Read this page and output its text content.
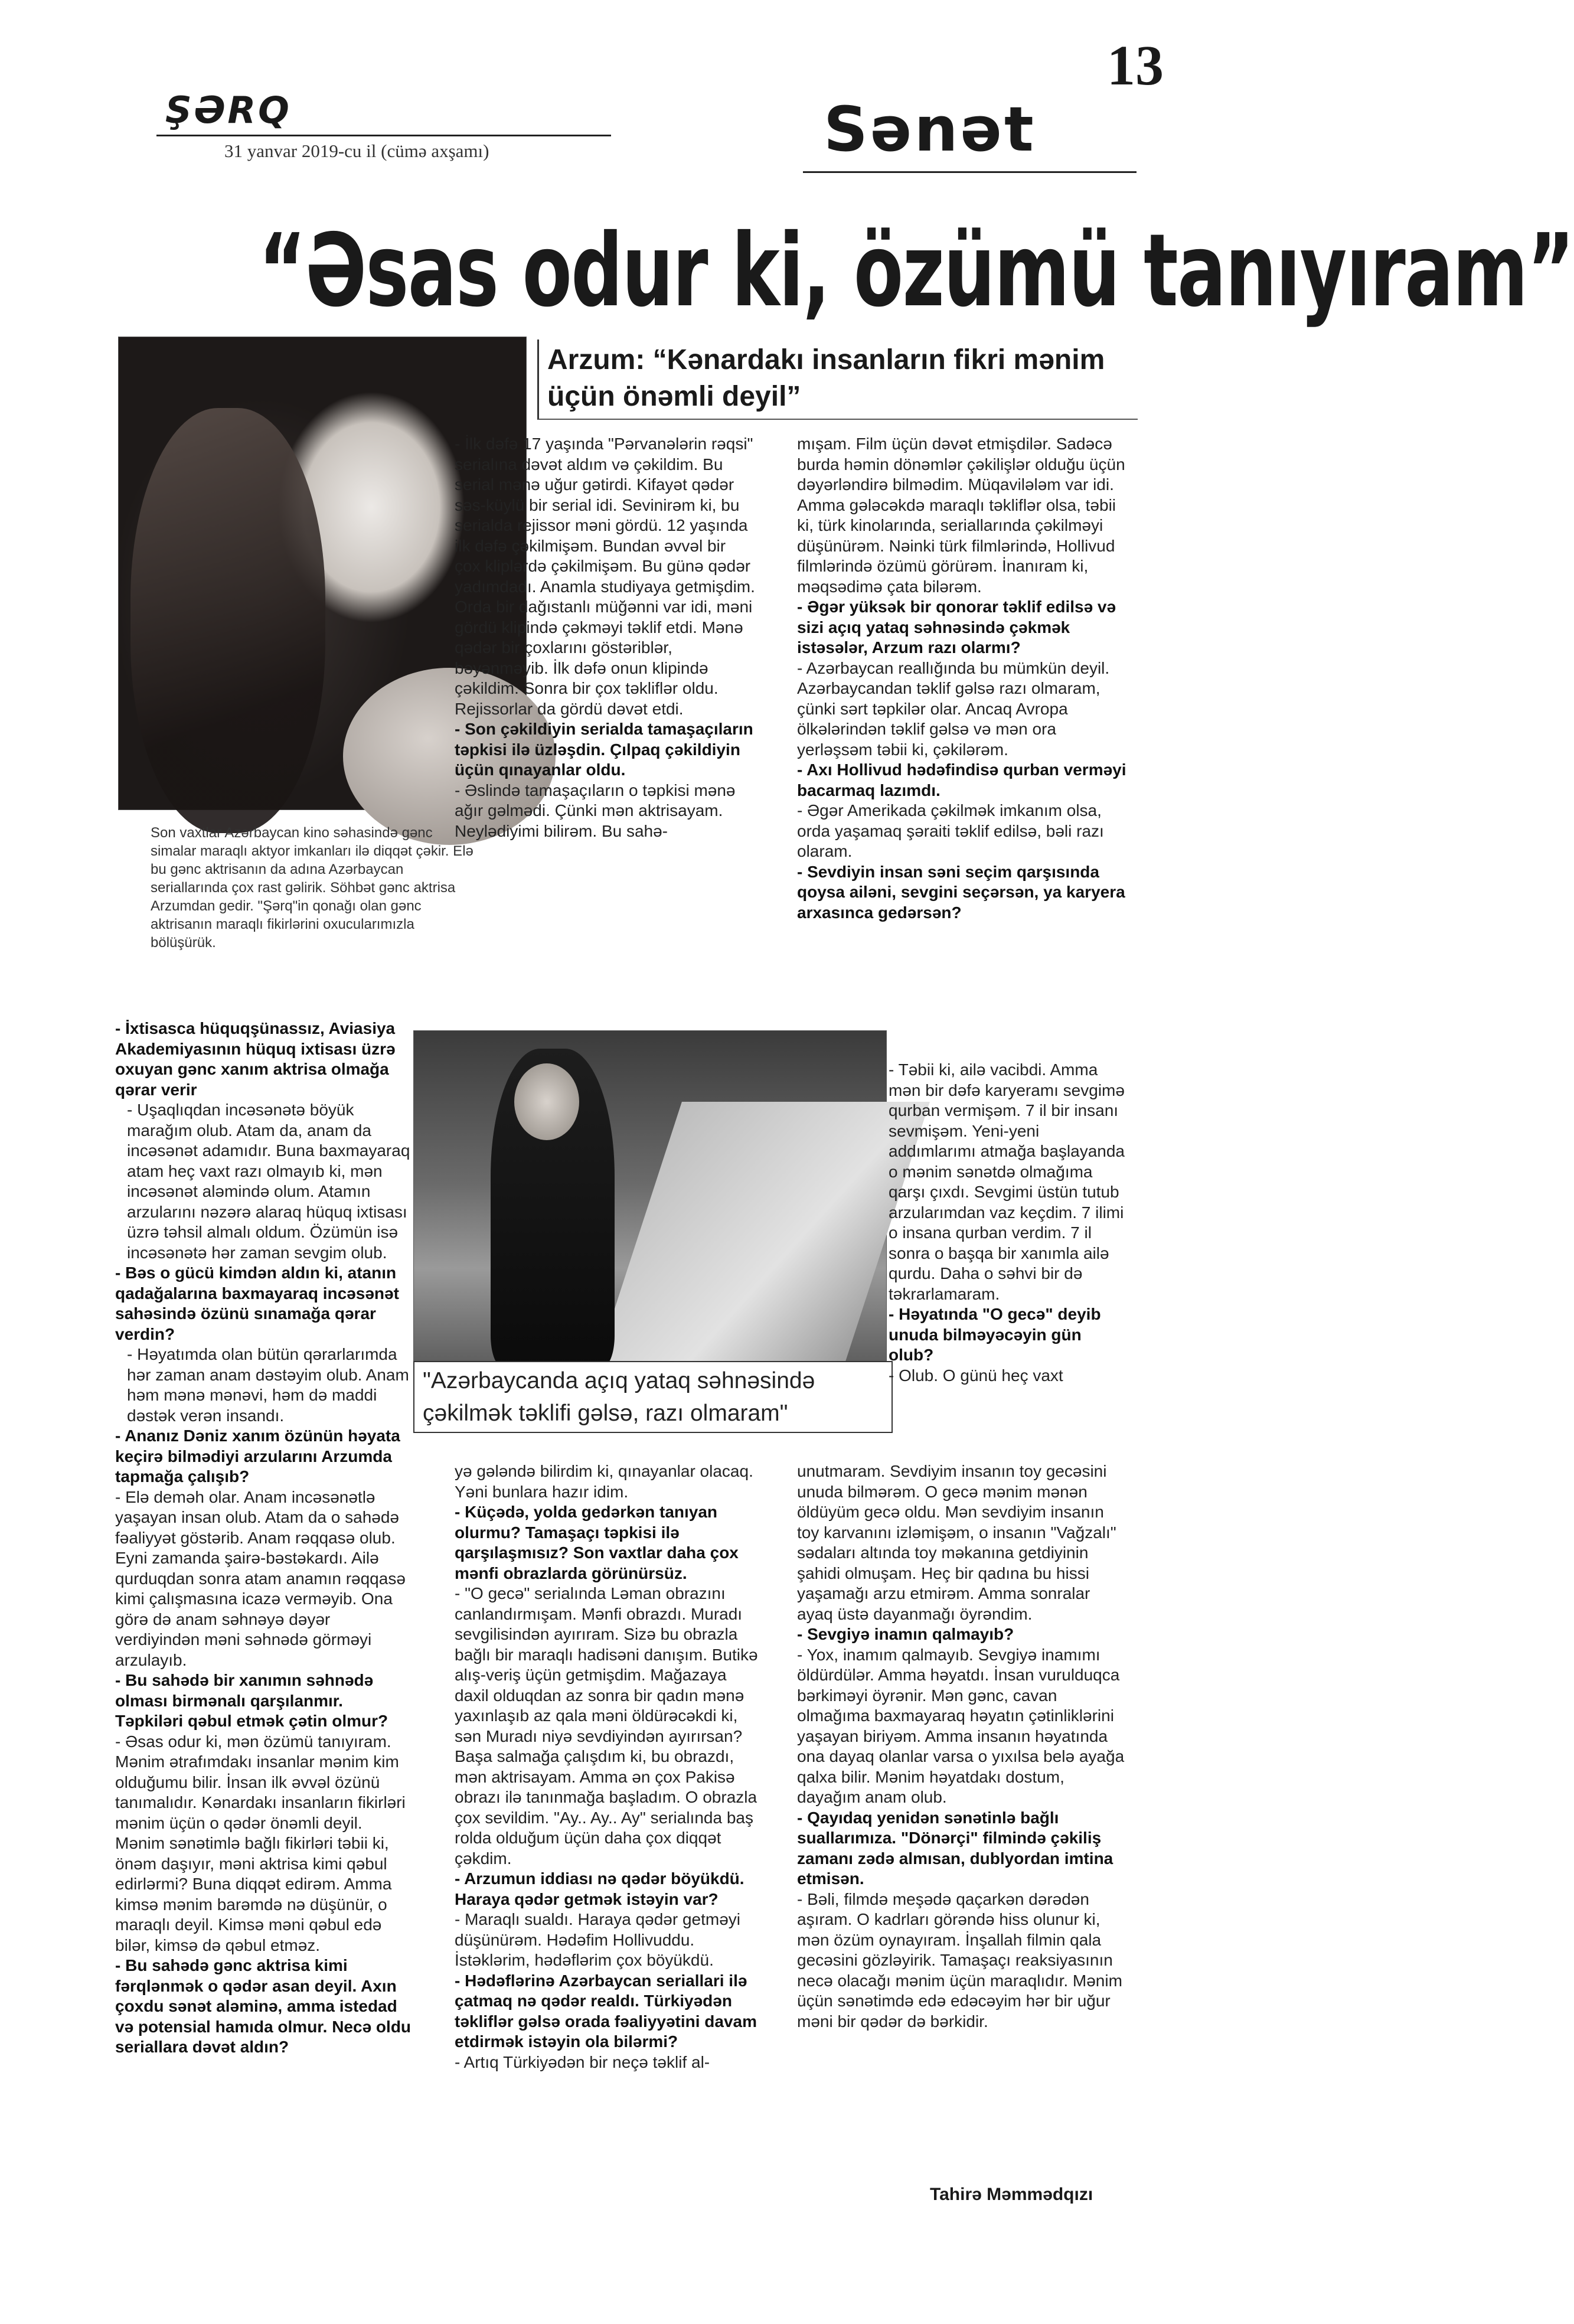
ŞƏRQ
31 yanvar 2019-cu il (cümə axşamı)
13
Sənət
“Əsas odur ki, özümü tanıyıram”
Arzum: “Kənardakı insanların fikri mənim üçün önəmli deyil”
Son vaxtlar Azərbaycan kino səhasində gənc simalar maraqlı aktyor imkanları ilə diqqət çəkir. Elə bu gənc aktrisanın da adına Azərbaycan seriallarında çox rast gəlirik. Söhbət gənc aktrisa Arzumdan gedir. "Şərq"in qonağı olan gənc aktrisanın maraqlı fikirlərini oxucularımızla bölüşürük.

- İxtisasca hüquqşünassız, Aviasiya Akademiyasının hüquq ixtisası üzrə oxuyan gənc xanım aktrisa olmağa qərar verir

- Uşaqlıqdan incəsənətə böyük marağım olub. Atam da, anam da incəsənət adamıdır. Buna baxmayaraq atam heç vaxt razı olmayıb ki, mən incəsənət aləmində olum. Atamın arzularını nəzərə alaraq hüquq ixtisası üzrə təhsil almalı oldum. Özümün isə incəsənətə hər zaman sevgim olub.

- Bəs o gücü kimdən aldın ki, atanın qadağalarına baxmayaraq incəsənət sahəsində özünü sınamağa qərar verdin?

- Həyatımda olan bütün qərarlarımda hər zaman anam dəstəyim olub. Anam həm mənə mənəvi, həm də maddi dəstək verən insandı.

- Ananız Dəniz xanım özünün həyata keçirə bilmədiyi arzularını Arzumda tapmağa çalışıb?

- Elə deməh olar. Anam incəsənətlə yaşayan insan olub. Atam da o sahədə fəaliyyət göstərib. Anam rəqqasə olub. Eyni zamanda şairə-bəstəkardı. Ailə qurduqdan sonra atam anamın rəqqasə kimi çalışmasına icazə verməyib. Ona görə də anam səhnəyə dəyər verdiyindən məni səhnədə görməyi arzulayıb.

- Bu sahədə bir xanımın səhnədə olması birmənalı qarşılanmır. Təpkiləri qəbul etmək çətin olmur?

- Əsas odur ki, mən özümü tanıyıram. Mənim ətrafımdakı insanlar mənim kim olduğumu bilir. İnsan ilk əvvəl özünü tanımalıdır. Kənardakı insanların fikirləri mənim üçün o qədər önəmli deyil. Mənim sənətimlə bağlı fikirləri təbii ki, önəm daşıyır, məni aktrisa kimi qəbul edirlərmi? Buna diqqət edirəm. Amma kimsə mənim barəmdə nə düşünür, o maraqlı deyil. Kimsə məni qəbul edə bilər, kimsə də qəbul etməz.

- Bu sahədə gənc aktrisa kimi fərqlənmək o qədər asan deyil. Axın çoxdu sənət aləminə, amma istedad və potensial hamıda olmur. Necə oldu seriallara dəvət aldın?

- İlk dəfə 17 yaşında "Pərvanələrin rəqsi" serialına dəvət aldım və çəkildim. Bu serial mənə uğur gətirdi. Kifayət qədər səs-küylü bir serial idi. Sevinirəm ki, bu serialda rejissor məni gördü. 12 yaşında ilk dəfə çəkilmişəm. Bundan əvvəl bir çox kliplərdə çəkilmişəm. Bu günə qədər yadımdadı. Anamla studiyaya getmişdim. Orda bir dağıstanlı müğənni var idi, məni gördü klipində çəkməyi təklif etdi. Mənə qədər bir çoxlarını göstəriblər, bəyənməyib. İlk dəfə onun klipində çəkildim. Sonra bir çox təkliflər oldu. Rejissorlar da gördü dəvət etdi.

- Son çəkildiyin serialda tamaşaçıların təpkisi ilə üzləşdin. Çılpaq çəkildiyin üçün qınayanlar oldu.

- Əslində tamaşaçıların o təpkisi mənə ağır gəlmədi. Çünki mən aktrisayam. Neylədiyimi bilirəm. Bu sahə-

"Azərbaycanda açıq yataq səhnəsində çəkilmək təklifi gəlsə, razı olmaram"

yə gələndə bilirdim ki, qınayanlar olacaq. Yəni bunlara hazır idim.

- Küçədə, yolda gedərkən tanıyan olurmu? Tamaşaçı təpkisi ilə qarşılaşmısız? Son vaxtlar daha çox mənfi obrazlarda görünürsüz.

- "O gecə" serialında Ləman obrazını canlandırmışam. Mənfi obrazdı. Muradı sevgilisindən ayırıram. Sizə bu obrazla bağlı bir maraqlı hadisəni danışım. Butikə alış-veriş üçün getmişdim. Mağazaya daxil olduqdan az sonra bir qadın mənə yaxınlaşıb az qala məni öldürəcəkdi ki, sən Muradı niyə sevdiyindən ayırırsan? Başa salmağa çalışdım ki, bu obrazdı, mən aktrisayam. Amma ən çox Pakisə obrazı ilə tanınmağa başladım. O obrazla çox sevildim. "Ay.. Ay.. Ay" serialında baş rolda olduğum üçün daha çox diqqət çəkdim.

- Arzumun iddiası nə qədər böyükdü. Haraya qədər getmək istəyin var?

- Maraqlı sualdı. Haraya qədər getməyi düşünürəm. Hədəfim Hollivuddu. İstəklərim, hədəflərim çox böyükdü.

- Hədəflərinə Azərbaycan seriallari ilə çatmaq nə qədər realdı. Türkiyədən təkliflər gəlsə orada fəaliyyətini davam etdirmək istəyin ola bilərmi?

- Artıq Türkiyədən bir neçə təklif al-

mışam. Film üçün dəvət etmişdilər. Sadəcə burda həmin dönəmlər çəkilişlər olduğu üçün dəyərləndirə bilmədim. Müqavilələm var idi. Amma gələcəkdə maraqlı təkliflər olsa, təbii ki, türk kinolarında, seriallarında çəkilməyi düşünürəm. Nəinki türk filmlərində, Hollivud filmlərində özümü görürəm. İnanıram ki, məqsədimə çata bilərəm.

- Əgər yüksək bir qonorar təklif edilsə və sizi açıq yataq səhnəsində çəkmək istəsələr, Arzum razı olarmı?

- Azərbaycan reallığında bu mümkün deyil. Azərbaycandan təklif gəlsə razı olmaram, çünki sərt təpkilər olar. Ancaq Avropa ölkələrindən təklif gəlsə və mən ora yerləşsəm təbii ki, çəkilərəm.

- Axı Hollivud hədəfindisə qurban verməyi bacarmaq lazımdı.

- Əgər Amerikada çəkilmək imkanım olsa, orda yaşamaq şəraiti təklif edilsə, bəli razı olaram.

- Sevdiyin insan səni seçim qarşısında qoysa ailəni, sevgini seçərsən, ya karyera arxasınca gedərsən?

- Təbii ki, ailə vacibdi. Amma mən bir dəfə karyeramı sevgimə qurban vermişəm. 7 il bir insanı sevmişəm. Yeni-yeni addımlarımı atmağa başlayanda o mənim sənətdə olmağıma qarşı çıxdı. Sevgimi üstün tutub arzularımdan vaz keçdim. 7 ilimi o insana qurban verdim. 7 il sonra o başqa bir xanımla ailə qurdu. Daha o səhvi bir də təkrarlamaram.

- Həyatında "O gecə" deyib unuda bilməyəcəyin gün olub?

- Olub. O günü heç vaxt

unutmaram. Sevdiyim insanın toy gecəsini unuda bilmərəm. O gecə mənim mənən öldüyüm gecə oldu. Mən sevdiyim insanın toy karvanını izləmişəm, o insanın "Vağzalı" sədaları altında toy məkanına getdiyinin şahidi olmuşam. Heç bir qadına bu hissi yaşamağı arzu etmirəm. Amma sonralar ayaq üstə dayanmağı öyrəndim.

- Sevgiyə inamın qalmayıb?

- Yox, inamım qalmayıb. Sevgiyə inamımı öldürdülər. Amma həyatdı. İnsan vurulduqca bərkiməyi öyrənir. Mən gənc, cavan olmağıma baxmayaraq həyatın çətinliklərini yaşayan biriyəm. Amma insanın həyatında ona dayaq olanlar varsa o yıxılsa belə ayağa qalxa bilir. Mənim həyatdakı dostum, dayağım anam olub.

- Qayıdaq yenidən sənətinlə bağlı suallarımıza. "Dönərçi" filmində çəkiliş zamanı zədə almısan, dublyordan imtina etmisən.

- Bəli, filmdə meşədə qaçarkən dərədən aşıram. O kadrları görəndə hiss olunur ki, mən özüm oynayıram. İnşallah filmin qala gecəsini gözləyirik. Tamaşaçı reaksiyasının necə olacağı mənim üçün maraqlıdır. Mənim üçün sənətimdə edə edəcəyim hər bir uğur məni bir qədər də bərkidir.

Tahirə Məmmədqızı
